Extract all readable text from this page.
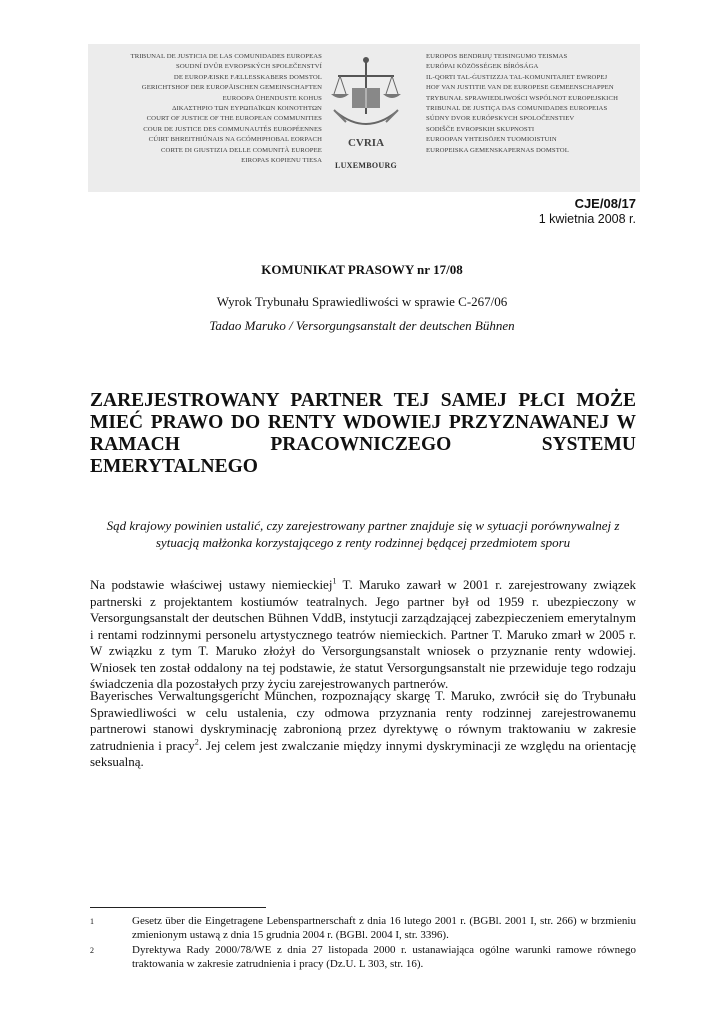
TRIBUNAL DE JUSTICIA DE LAS COMUNIDADES EUROPEAS
SOUDNÍ DVŮR EVROPSKÝCH SPOLEČENSTVÍ
DE EUROPÆISKE FÆLLESSKABERS DOMSTOL
GERICHTSHOF DER EUROPÄISCHEN GEMEINSCHAFTEN
EUROOPA ÜHENDUSTE KOHUS
ΔΙΚΑΣΤΗΡΙΟ ΤΩΝ ΕΥΡΩΠΑΪΚΩΝ ΚΟΙΝΟΤΗΤΩΝ
COURT OF JUSTICE OF THE EUROPEAN COMMUNITIES
COUR DE JUSTICE DES COMMUNAUTÉS EUROPÉENNES
CÚIRT BHREITHIÚNAIS NA GCÓMHPHOBAL EORPACH
CORTE DI GIUSTIZIA DELLE COMUNITÀ EUROPEE
EIROPAS KOPIENU TIESA
CVRIA
LUXEMBOURG
EUROPOS BENDRIJŲ TEISINGUMO TEISMAS
EURÓPAI KÖZÖSSÉGEK BÍRÓSÁGA
IL-QORTI TAL-ĠUSTIZZJA TAL-KOMUNITAJIET EWROPEJ
HOF VAN JUSTITIE VAN DE EUROPESE GEMEENSCHAPPEN
TRYBUNAŁ SPRAWIEDLIWOŚCI WSPÓLNOT EUROPEJSKICH
TRIBUNAL DE JUSTIÇA DAS COMUNIDADES EUROPEIAS
SÚDNY DVOR EURÓPSKYCH SPOLOČENSTIEV
SODIŠČE EVROPSKIH SKUPNOSTI
EUROOPAN YHTEISÖJEN TUOMIOISTUIN
EUROPEISKA GEMENSKAPERNAS DOMSTOL
CJE/08/17
1 kwietnia 2008 r.
KOMUNIKAT PRASOWY nr 17/08
Wyrok Trybunału Sprawiedliwości w sprawie C-267/06
Tadao Maruko / Versorgungsanstalt der deutschen Bühnen
ZAREJESTROWANY PARTNER TEJ SAMEJ PŁCI MOŻE
MIEĆ PRAWO DO RENTY WDOWIEJ PRZYZNAWANEJ W
RAMACH PRACOWNICZEGO SYSTEMU
EMERYTALNEGO
Sąd krajowy powinien ustalić, czy zarejestrowany partner znajduje się w sytuacji porównywalnej z sytuacją małżonka korzystającego z renty rodzinnej będącej przedmiotem sporu
Na podstawie właściwej ustawy niemieckiej$^1$ T. Maruko zawarł w 2001 r. zarejestrowany związek partnerski z projektantem kostiumów teatralnych. Jego partner był od 1959 r. ubezpieczony w Versorgungsanstalt der deutschen Bühnen VddB, instytucji zarządzającej zabezpieczeniem emerytalnym i rentami rodzinnymi personelu artystycznego teatrów niemieckich. Partner T. Maruko zmarł w 2005 r. W związku z tym T. Maruko złożył do Versorgungsanstalt wniosek o przyznanie renty wdowiej. Wniosek ten został oddalony na tej podstawie, że statut Versorgungsanstalt nie przewiduje tego rodzaju świadczenia dla pozostałych przy życiu zarejestrowanych partnerów.
Bayerisches Verwaltungsgericht München, rozpoznający skargę T. Maruko, zwrócił się do Trybunału Sprawiedliwości w celu ustalenia, czy odmowa przyznania renty rodzinnej zarejestrowanemu partnerowi stanowi dyskryminację zabronioną przez dyrektywę o równym traktowaniu w zakresie zatrudnienia i pracy$^2$. Jej celem jest zwalczanie między innymi dyskryminacji ze względu na orientację seksualną.
1	Gesetz über die Eingetragene Lebenspartnerschaft z dnia 16 lutego 2001 r. (BGBl. 2001 I, str. 266) w brzmieniu zmienionym ustawą z dnia 15 grudnia 2004 r. (BGBl. 2004 I, str. 3396).
2	Dyrektywa Rady 2000/78/WE z dnia 27 listopada 2000 r. ustanawiająca ogólne warunki ramowe równego traktowania w zakresie zatrudnienia i pracy (Dz.U. L 303, str. 16).
